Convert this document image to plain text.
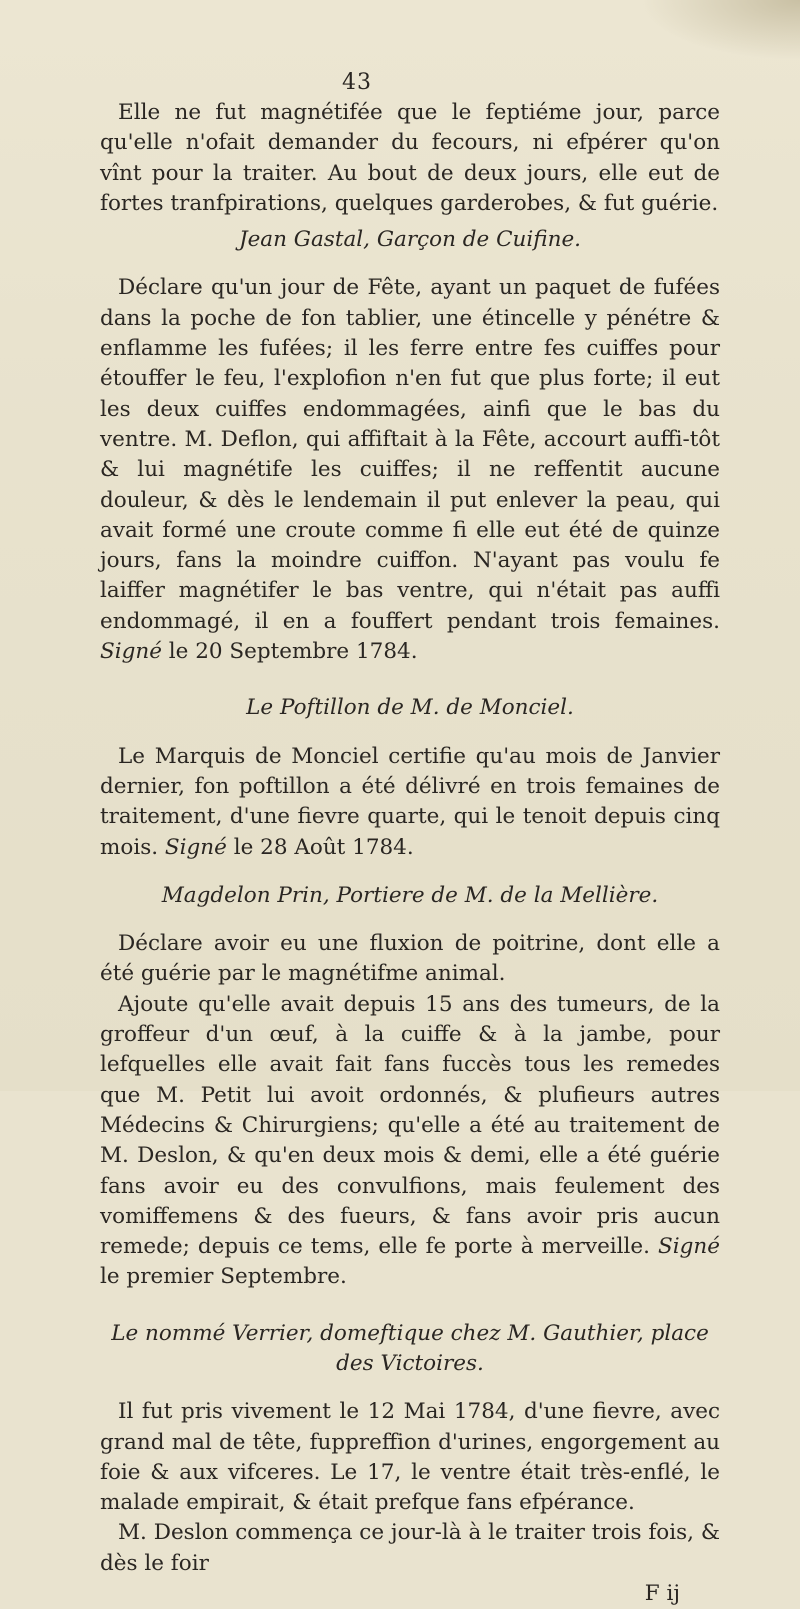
43

Elle ne fut magnétifée que le feptiéme jour, parce qu'elle n'ofait demander du fecours, ni efpérer qu'on vînt pour la traiter. Au bout de deux jours, elle eut de fortes tranfpirations, quelques garderobes, & fut guérie.

Jean Gastal, Garçon de Cuifine.

Déclare qu'un jour de Fête, ayant un paquet de fufées dans la poche de fon tablier, une étincelle y pénétre & enflamme les fufées; il les ferre entre fes cuiffes pour étouffer le feu, l'explofion n'en fut que plus forte; il eut les deux cuiffes endommagées, ainfi que le bas du ventre. M. Deflon, qui affiftait à la Fête, accourt auffi-tôt & lui magnétife les cuiffes; il ne reffentit aucune douleur, & dès le lendemain il put enlever la peau, qui avait formé une croute comme fi elle eut été de quinze jours, fans la moindre cuiffon. N'ayant pas voulu fe laiffer magnétifer le bas ventre, qui n'était pas auffi endommagé, il en a fouffert pendant trois femaines. Signé le 20 Septembre 1784.

Le Poftillon de M. de Monciel.

Le Marquis de Monciel certifie qu'au mois de Janvier dernier, fon poftillon a été délivré en trois femaines de traitement, d'une fievre quarte, qui le tenoit depuis cinq mois. Signé le 28 Août 1784.

Magdelon Prin, Portiere de M. de la Mellière.

Déclare avoir eu une fluxion de poitrine, dont elle a été guérie par le magnétifme animal.

Ajoute qu'elle avait depuis 15 ans des tumeurs, de la groffeur d'un œuf, à la cuiffe & à la jambe, pour lefquelles elle avait fait fans fuccès tous les remedes que M. Petit lui avoit ordonnés, & plufieurs autres Médecins & Chirurgiens; qu'elle a été au traitement de M. Deslon, & qu'en deux mois & demi, elle a été guérie fans avoir eu des convulfions, mais feulement des vomiffemens & des fueurs, & fans avoir pris aucun remede; depuis ce tems, elle fe porte à merveille. Signé le premier Septembre.

Le nommé Verrier, domeftique chez M. Gauthier, place des Victoires.

Il fut pris vivement le 12 Mai 1784, d'une fievre, avec grand mal de tête, fuppreffion d'urines, engorgement au foie & aux vifceres. Le 17, le ventre était très-enflé, le malade empirait, & était prefque fans efpérance.

M. Deslon commença ce jour-là à le traiter trois fois, & dès le foir

F ij
